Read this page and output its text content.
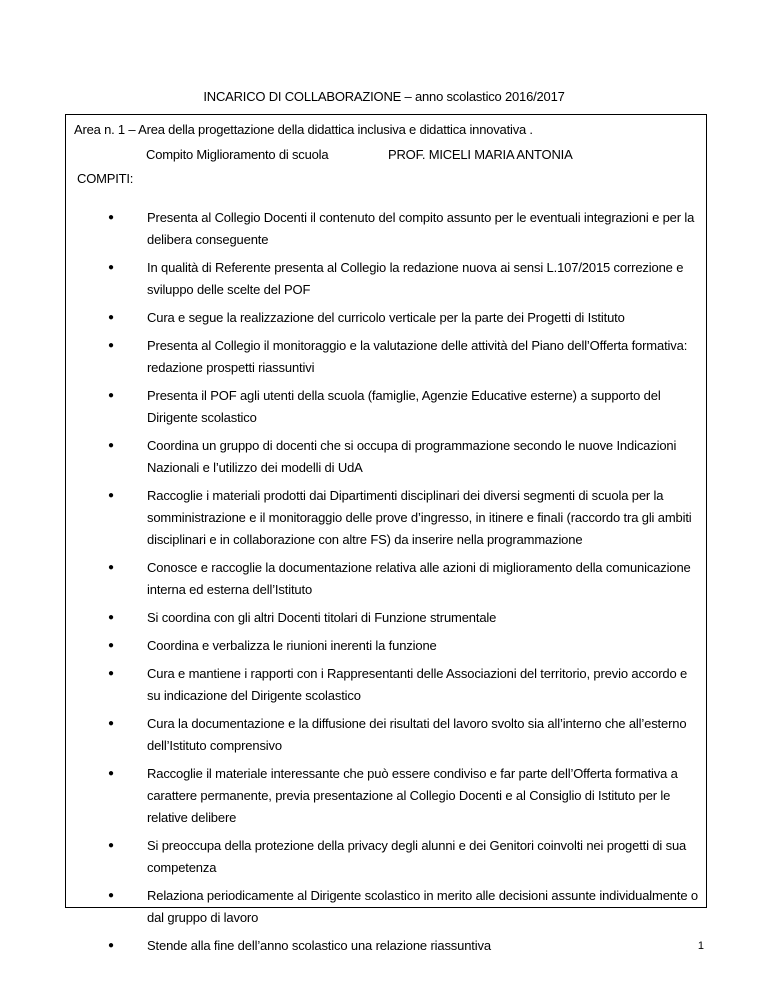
INCARICO DI COLLABORAZIONE – anno scolastico 2016/2017
Area n. 1 – Area della progettazione della didattica inclusiva e didattica innovativa .
Compito Miglioramento di scuola	PROF. MICELI MARIA ANTONIA
COMPITI:
●	Presenta al Collegio Docenti il contenuto del compito assunto per le eventuali integrazioni e per la delibera conseguente
●	In qualità di Referente presenta al Collegio la redazione nuova ai sensi L.107/2015 correzione e sviluppo delle scelte del POF
●	Cura e segue la realizzazione del curricolo verticale per la parte dei Progetti di Istituto
●	Presenta al Collegio il monitoraggio e la valutazione delle attività del Piano dell’Offerta formativa: redazione prospetti riassuntivi
●	Presenta il POF agli utenti della scuola (famiglie, Agenzie Educative esterne) a supporto del Dirigente scolastico
●	Coordina un gruppo di docenti che si occupa di programmazione secondo le nuove Indicazioni Nazionali e l’utilizzo dei modelli di UdA
●	Raccoglie i materiali prodotti dai Dipartimenti disciplinari dei diversi segmenti di scuola per la somministrazione e il monitoraggio delle prove d’ingresso, in itinere e finali (raccordo tra gli ambiti disciplinari e in collaborazione con altre FS) da inserire nella programmazione
●	Conosce e raccoglie la documentazione relativa alle azioni di miglioramento della comunicazione interna ed esterna dell’Istituto
●	Si coordina con gli altri Docenti titolari di Funzione strumentale
●	Coordina e verbalizza le riunioni inerenti la funzione
●	Cura e mantiene i rapporti con i Rappresentanti delle Associazioni del territorio, previo accordo e su indicazione del Dirigente scolastico
●	Cura la documentazione e la diffusione dei risultati del lavoro svolto sia all’interno che all’esterno dell’Istituto comprensivo
●	Raccoglie il materiale interessante che può essere condiviso e far parte dell’Offerta formativa a carattere permanente, previa presentazione al Collegio Docenti e al Consiglio di Istituto per le relative delibere
●	Si preoccupa della protezione della privacy degli alunni e dei Genitori coinvolti nei progetti di sua competenza
●	Relaziona periodicamente al Dirigente scolastico in merito alle decisioni assunte individualmente o dal gruppo di lavoro
●	Stende alla fine dell’anno scolastico una relazione riassuntiva	1
